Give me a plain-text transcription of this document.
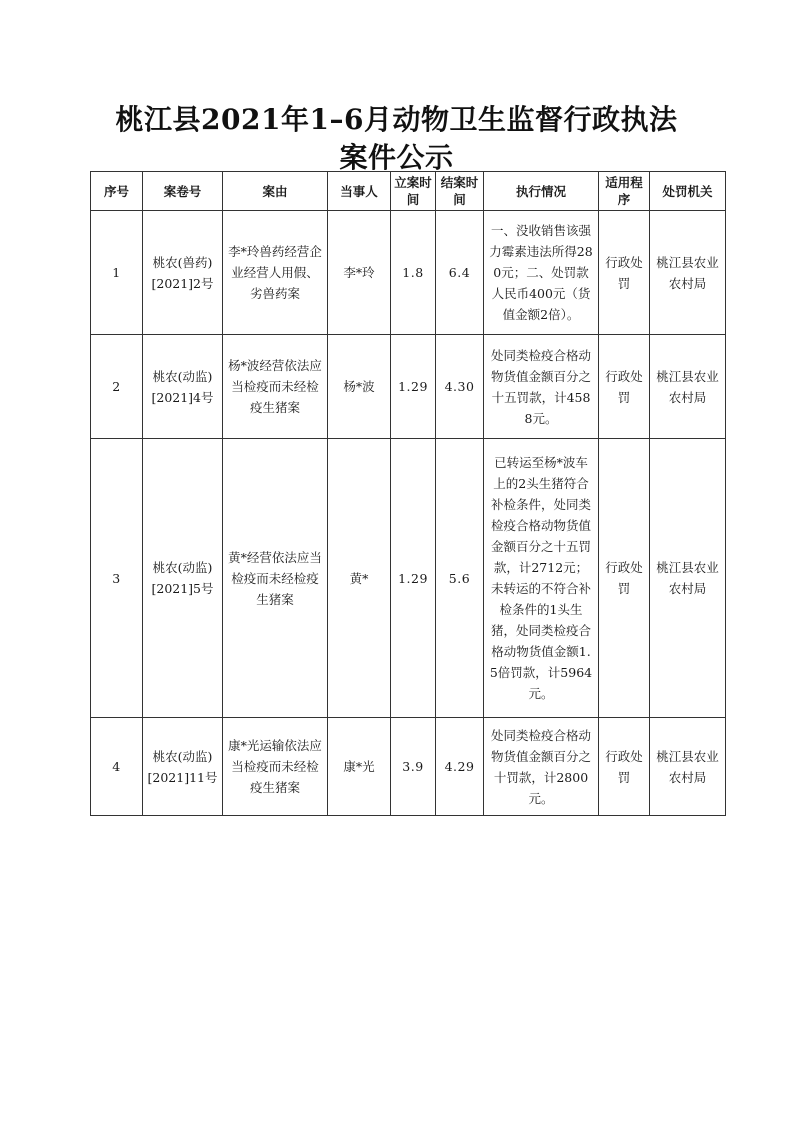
桃江县2021年1–6月动物卫生监督行政执法
案件公示
序号	案卷号	案由	当事人	立案时间	结案时间	执行情况	适用程序	处罚机关
1	桃农(兽药)[2021]2号	李*玲兽药经营企业经营人用假、劣兽药案	李*玲	1.8	6.4	一、没收销售该强力霉素违法所得280元；二、处罚款人民币400元（货值金额2倍）。	行政处罚	桃江县农业农村局
2	桃农(动监)[2021]4号	杨*波经营依法应当检疫而未经检疫生猪案	杨*波	1.29	4.30	处同类检疫合格动物货值金额百分之十五罚款，计4588元。	行政处罚	桃江县农业农村局
3	桃农(动监)[2021]5号	黄*经营依法应当检疫而未经检疫生猪案	黄*	1.29	5.6	已转运至杨*波车上的2头生猪符合补检条件，处同类检疫合格动物货值金额百分之十五罚款，计2712元；未转运的不符合补检条件的1头生猪，处同类检疫合格动物货值金额1.5倍罚款，计5964元。	行政处罚	桃江县农业农村局
4	桃农(动监)[2021]11号	康*光运输依法应当检疫而未经检疫生猪案	康*光	3.9	4.29	处同类检疫合格动物货值金额百分之十罚款，计2800元。	行政处罚	桃江县农业农村局
